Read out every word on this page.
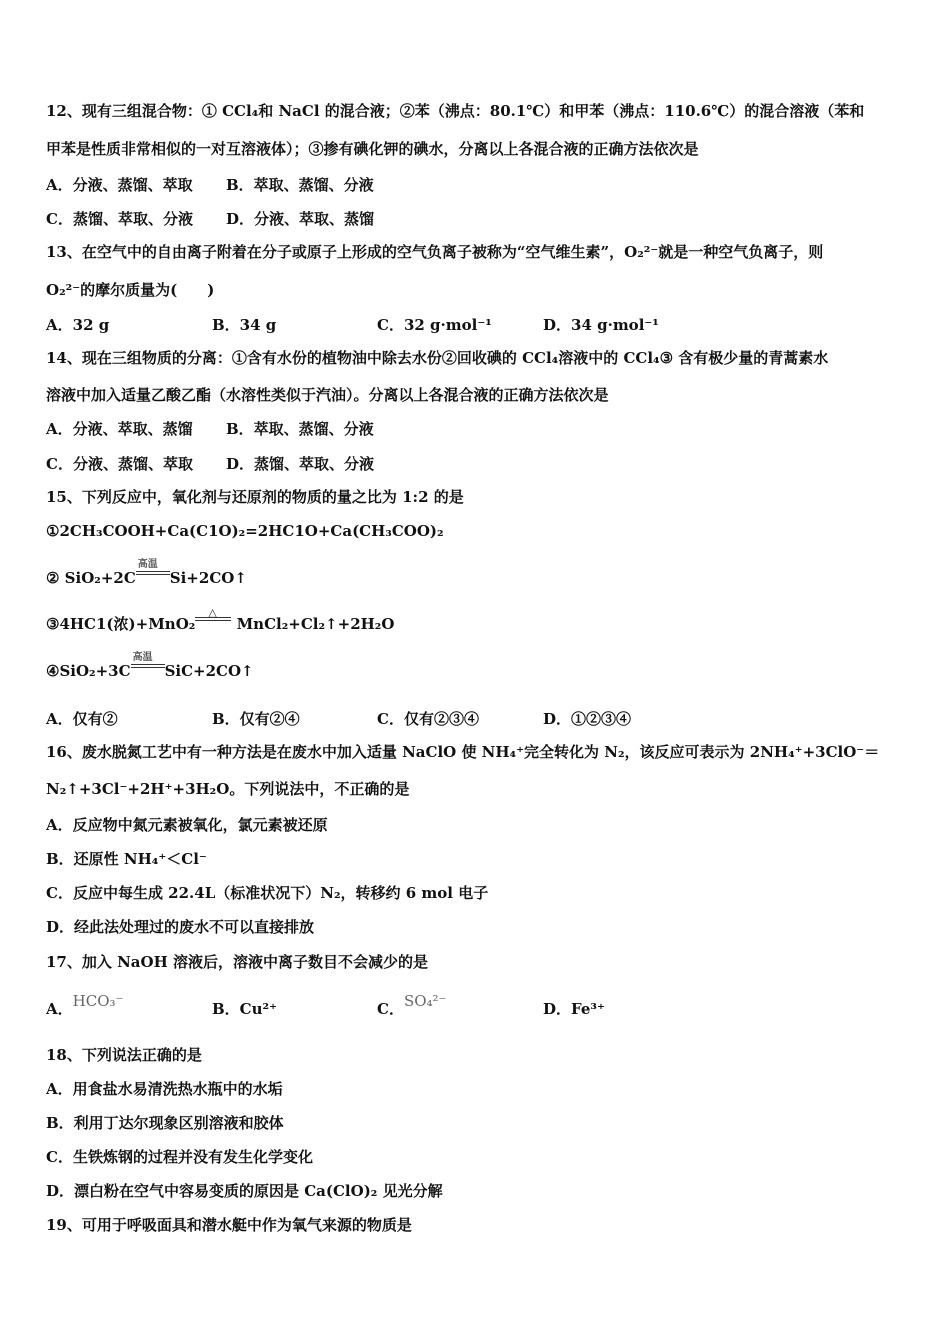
12、现有三组混合物：① CCl₄和 NaCl 的混合液；②苯（沸点：80.1℃）和甲苯（沸点：110.6℃）的混合溶液（苯和
甲苯是性质非常相似的一对互溶液体）；③掺有碘化钾的碘水，分离以上各混合液的正确方法依次是
A．分液、蒸馏、萃取 B．萃取、蒸馏、分液
C．蒸馏、萃取、分液 D．分液、萃取、蒸馏
13、在空气中的自由离子附着在分子或原子上形成的空气负离子被称为“空气维生素”，O₂²⁻就是一种空气负离子，则
O₂²⁻的摩尔质量为(　　)
A．32 g	B．34 g	C．32 g·mol⁻¹	D．34 g·mol⁻¹
14、现在三组物质的分离：①含有水份的植物油中除去水份②回收碘的 CCl₄溶液中的 CCl₄③ 含有极少量的青蒿素水
溶液中加入适量乙酸乙酯（水溶性类似于汽油）。分离以上各混合液的正确方法依次是
A．分液、萃取、蒸馏 B．萃取、蒸馏、分液
C．分液、蒸馏、萃取 D．蒸馏、萃取、分液
15、下列反应中，氧化剂与还原剂的物质的量之比为 1:2 的是
①2CH₃COOH+Ca(C1O)₂=2HC1O+Ca(CH₃COO)₂
② SiO₂+2C
高温
Si+2CO↑
③4HC1(浓)+MnO₂
△
MnCl₂+Cl₂↑+2H₂O
④SiO₂+3C
高温
SiC+2CO↑
A．仅有②	B．仅有②④	C．仅有②③④	D．①②③④
16、废水脱氮工艺中有一种方法是在废水中加入适量 NaClO 使 NH₄⁺完全转化为 N₂，该反应可表示为 2NH₄⁺+3ClO⁻＝
N₂↑+3Cl⁻+2H⁺+3H₂O。下列说法中，不正确的是
A．反应物中氮元素被氧化，氯元素被还原
B．还原性 NH₄⁺＜Cl⁻
C．反应中每生成 22.4L（标准状况下）N₂，转移约 6 mol 电子
D．经此法处理过的废水不可以直接排放
17、加入 NaOH 溶液后，溶液中离子数目不会减少的是
A．HCO₃⁻	B．Cu²⁺	C．SO₄²⁻	D．Fe³⁺
18、下列说法正确的是
A．用食盐水易清洗热水瓶中的水垢
B．利用丁达尔现象区别溶液和胶体
C．生铁炼钢的过程并没有发生化学变化
D．漂白粉在空气中容易变质的原因是 Ca(ClO)₂ 见光分解
19、可用于呼吸面具和潜水艇中作为氧气来源的物质是
